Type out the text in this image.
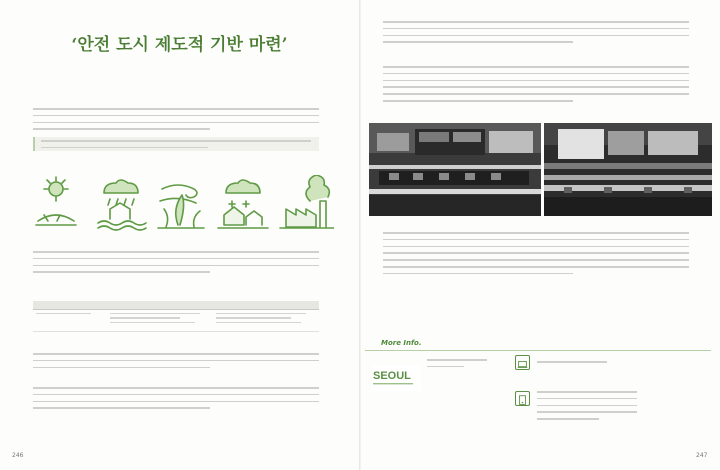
‘안전 도시 제도적 기반 마련’

246
More Info.
SEOUL
247
